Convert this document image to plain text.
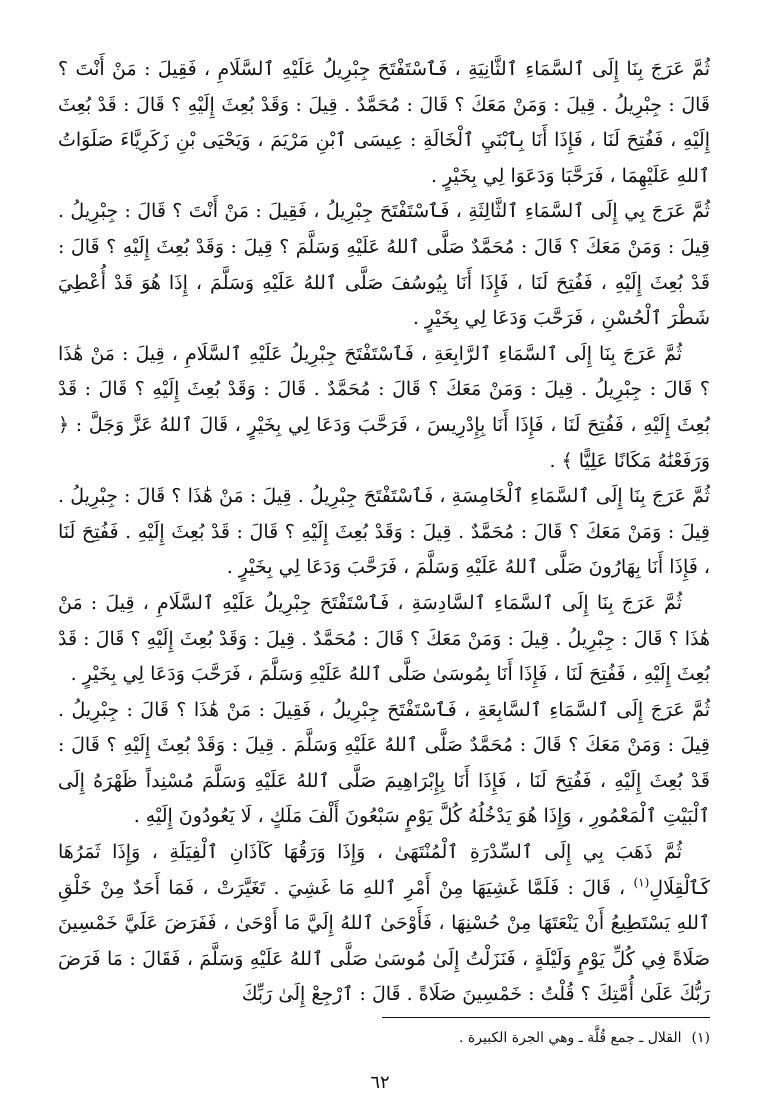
ثُمَّ عَرَجَ بِنَا إِلَى ٱلسَّمَاءِ ٱلثَّانِيَةِ ، فَٱسْتَفْتَحَ جِبْرِيلُ عَلَيْهِ ٱلسَّلَامِ ، فَقِيلَ : مَنْ أَنْتَ ؟ قَالَ : جِبْرِيلُ . قِيلَ : وَمَنْ مَعَكَ ؟ قَالَ : مُحَمَّدٌ . قِيلَ : وَقَدْ بُعِثَ إِلَيْهِ ؟ قَالَ : قَدْ بُعِثَ إِلَيْهِ ، فَفُتِحَ لَنَا ، فَإِذَا أَنَا بِٱبْنَيِ ٱلْخَالَةِ : عِيسَى ٱبْنِ مَرْيَمَ ، وَيَحْيَى بْنِ زَكَرِيَّاءَ صَلَوَاتُ ٱللهِ عَلَيْهِمَا ، فَرَحَّبَا وَدَعَوَا لِي بِخَيْرٍ .

ثُمَّ عَرَجَ بِي إِلَى ٱلسَّمَاءِ ٱلثَّالِثَةِ ، فَٱسْتَفْتَحَ جِبْرِيلُ ، فَقِيلَ : مَنْ أَنْتَ ؟ قَالَ : جِبْرِيلُ . قِيلَ : وَمَنْ مَعَكَ ؟ قَالَ : مُحَمَّدٌ صَلَّى ٱللهُ عَلَيْهِ وَسَلَّمَ ؟ قِيلَ : وَقَدْ بُعِثَ إِلَيْهِ ؟ قَالَ : قَدْ بُعِثَ إِلَيْهِ ، فَفُتِحَ لَنَا ، فَإِذَا أَنَا بِيُوسُفَ صَلَّى ٱللهُ عَلَيْهِ وَسَلَّمَ ، إِذَا هُوَ قَدْ أُعْطِيَ شَطْرَ ٱلْحُسْنِ ، فَرَحَّبَ وَدَعَا لِي بِخَيْرٍ .

ثُمَّ عَرَجَ بِنَا إِلَى ٱلسَّمَاءِ ٱلرَّابِعَةِ ، فَٱسْتَفْتَحَ جِبْرِيلُ عَلَيْهِ ٱلسَّلَامِ ، قِيلَ : مَنْ هَٰذَا ؟ قَالَ : جِبْرِيلُ . قِيلَ : وَمَنْ مَعَكَ ؟ قَالَ : مُحَمَّدٌ . قَالَ : وَقَدْ بُعِثَ إِلَيْهِ ؟ قَالَ : قَدْ بُعِثَ إِلَيْهِ ، فَفُتِحَ لَنَا ، فَإِذَا أَنَا بِإِدْرِيسَ ، فَرَحَّبَ وَدَعَا لِي بِخَيْرٍ ، قَالَ ٱللهُ عَزَّ وَجَلَّ : ﴿ وَرَفَعْنَٰهُ مَكَانًا عَلِيًّا ﴾ .

ثُمَّ عَرَجَ بِنَا إِلَى ٱلسَّمَاءِ ٱلْخَامِسَةِ ، فَٱسْتَفْتَحَ جِبْرِيلُ . قِيلَ : مَنْ هَٰذَا ؟ قَالَ : جِبْرِيلُ . قِيلَ : وَمَنْ مَعَكَ ؟ قَالَ : مُحَمَّدٌ . قِيلَ : وَقَدْ بُعِثَ إِلَيْهِ ؟ قَالَ : قَدْ بُعِثَ إِلَيْهِ . فَفُتِحَ لَنَا ، فَإِذَا أَنَا بِهَارُونَ صَلَّى ٱللهُ عَلَيْهِ وَسَلَّمَ ، فَرَحَّبَ وَدَعَا لِي بِخَيْرٍ .

ثُمَّ عَرَجَ بِنَا إِلَى ٱلسَّمَاءِ ٱلسَّادِسَةِ ، فَٱسْتَفْتَحَ جِبْرِيلُ عَلَيْهِ ٱلسَّلَامِ ، قِيلَ : مَنْ هَٰذَا ؟ قَالَ : جِبْرِيلُ . قِيلَ : وَمَنْ مَعَكَ ؟ قَالَ : مُحَمَّدٌ . قِيلَ : وَقَدْ بُعِثَ إِلَيْهِ ؟ قَالَ : قَدْ بُعِثَ إِلَيْهِ ، فَفُتِحَ لَنَا ، فَإِذَا أَنَا بِمُوسَىٰ صَلَّى ٱللهُ عَلَيْهِ وَسَلَّمَ ، فَرَحَّبَ وَدَعَا لِي بِخَيْرٍ .

ثُمَّ عَرَجَ إِلَى ٱلسَّمَاءِ ٱلسَّابِعَةِ ، فَٱسْتَفْتَحَ جِبْرِيلُ ، فَقِيلَ : مَنْ هَٰذَا ؟ قَالَ : جِبْرِيلُ . قِيلَ : وَمَنْ مَعَكَ ؟ قَالَ : مُحَمَّدٌ صَلَّى ٱللهُ عَلَيْهِ وَسَلَّمَ . قِيلَ : وَقَدْ بُعِثَ إِلَيْهِ ؟ قَالَ : قَدْ بُعِثَ إِلَيْهِ ، فَفُتِحَ لَنَا ، فَإِذَا أَنَا بِإِبْرَاهِيمَ صَلَّى ٱللهُ عَلَيْهِ وَسَلَّمَ مُسْنِداً ظَهْرَهُ إِلَى ٱلْبَيْتِ ٱلْمَعْمُورِ ، وَإِذَا هُوَ يَدْخُلُهُ كُلَّ يَوْمٍ سَبْعُونَ أَلْفَ مَلَكٍ ، لَا يَعُودُونَ إِلَيْهِ .

ثُمَّ ذَهَبَ بِي إِلَى ٱلسِّدْرَةِ ٱلْمُنْتَهَىٰ ، وَإِذَا وَرَقُهَا كَآذَانِ ٱلْفِيَلَةِ ، وَإِذَا ثَمَرُهَا كَٱلْقِلَالِ$^{(١)}$ ، قَالَ : فَلَمَّا غَشِيَهَا مِنْ أَمْرِ ٱللهِ مَا غَشِيَ . تَغَيَّرَتْ ، فَمَا أَحَدٌ مِنْ خَلْقِ ٱللهِ يَسْتَطِيعُ أَنْ يَنْعَتَهَا مِنْ حُسْنِهَا ، فَأَوْحَىٰ ٱللهُ إِلَيَّ مَا أَوْحَىٰ ، فَفَرَضَ عَلَيَّ خَمْسِينَ صَلَاةً فِي كُلِّ يَوْمٍ وَلَيْلَةٍ ، فَنَزَلْتُ إِلَىٰ مُوسَىٰ صَلَّى ٱللهُ عَلَيْهِ وَسَلَّمَ ، فَقَالَ : مَا فَرَضَ رَبُّكَ عَلَىٰ أُمَّتِكَ ؟ قُلْتُ : خَمْسِينَ صَلَاةً . قَالَ : ٱرْجِعْ إِلَىٰ رَبِّكَ

(١)القلال ـ جمع قُلَّة ـ وهي الجرة الكبيرة .
٦٢
